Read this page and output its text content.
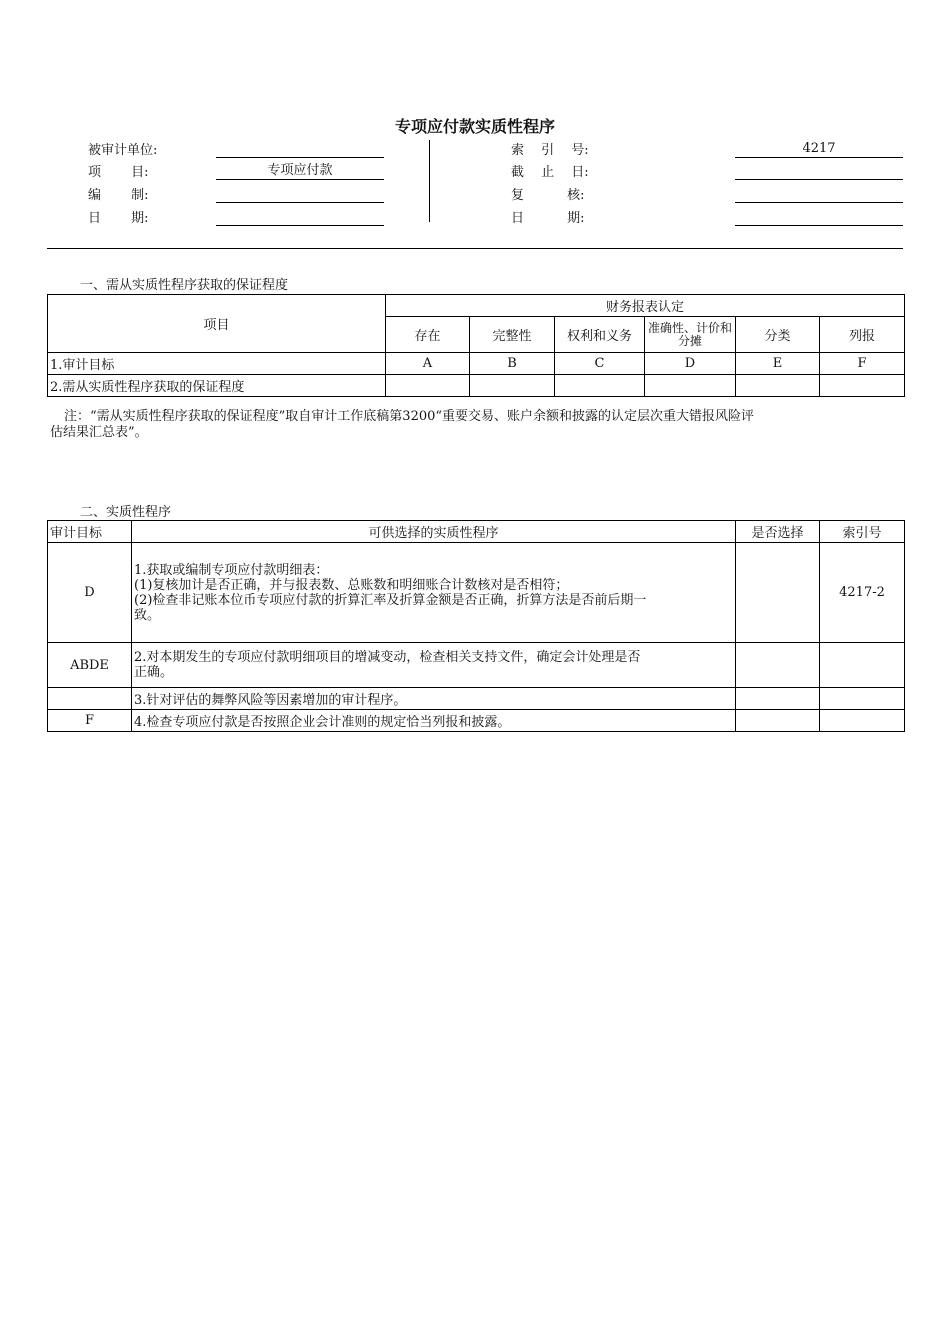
专项应付款实质性程序
被审计单位:
项　　 目:	专项应付款
编　　 制:
日　　 期:
索　 引　 号:	4217
截　 止　 日:
复　　　 核:
日　　　 期:
一、需从实质性程序获取的保证程度
项目	财务报表认定					
	存在	完整性	权利和义务	准确性、计价和分摊	分类	列报
1.审计目标	A	B	C	D	E	F
2.需从实质性程序获取的保证程度						
注：“需从实质性程序获取的保证程度”取自审计工作底稿第3200“重要交易、账户余额和披露的认定层次重大错报风险评
估结果汇总表”。
二、实质性程序
审计目标	可供选择的实质性程序	是否选择	索引号
D	1.获取或编制专项应付款明细表：
(1)复核加计是否正确，并与报表数、总账数和明细账合计数核对是否相符；
(2)检查非记账本位币专项应付款的折算汇率及折算金额是否正确，折算方法是否前后期一
致。		4217-2
ABDE	2.对本期发生的专项应付款明细项目的增减变动，检查相关支持文件，确定会计处理是否
正确。		

	3.针对评估的舞弊风险等因素增加的审计程序。		
F	4.检查专项应付款是否按照企业会计准则的规定恰当列报和披露。		
